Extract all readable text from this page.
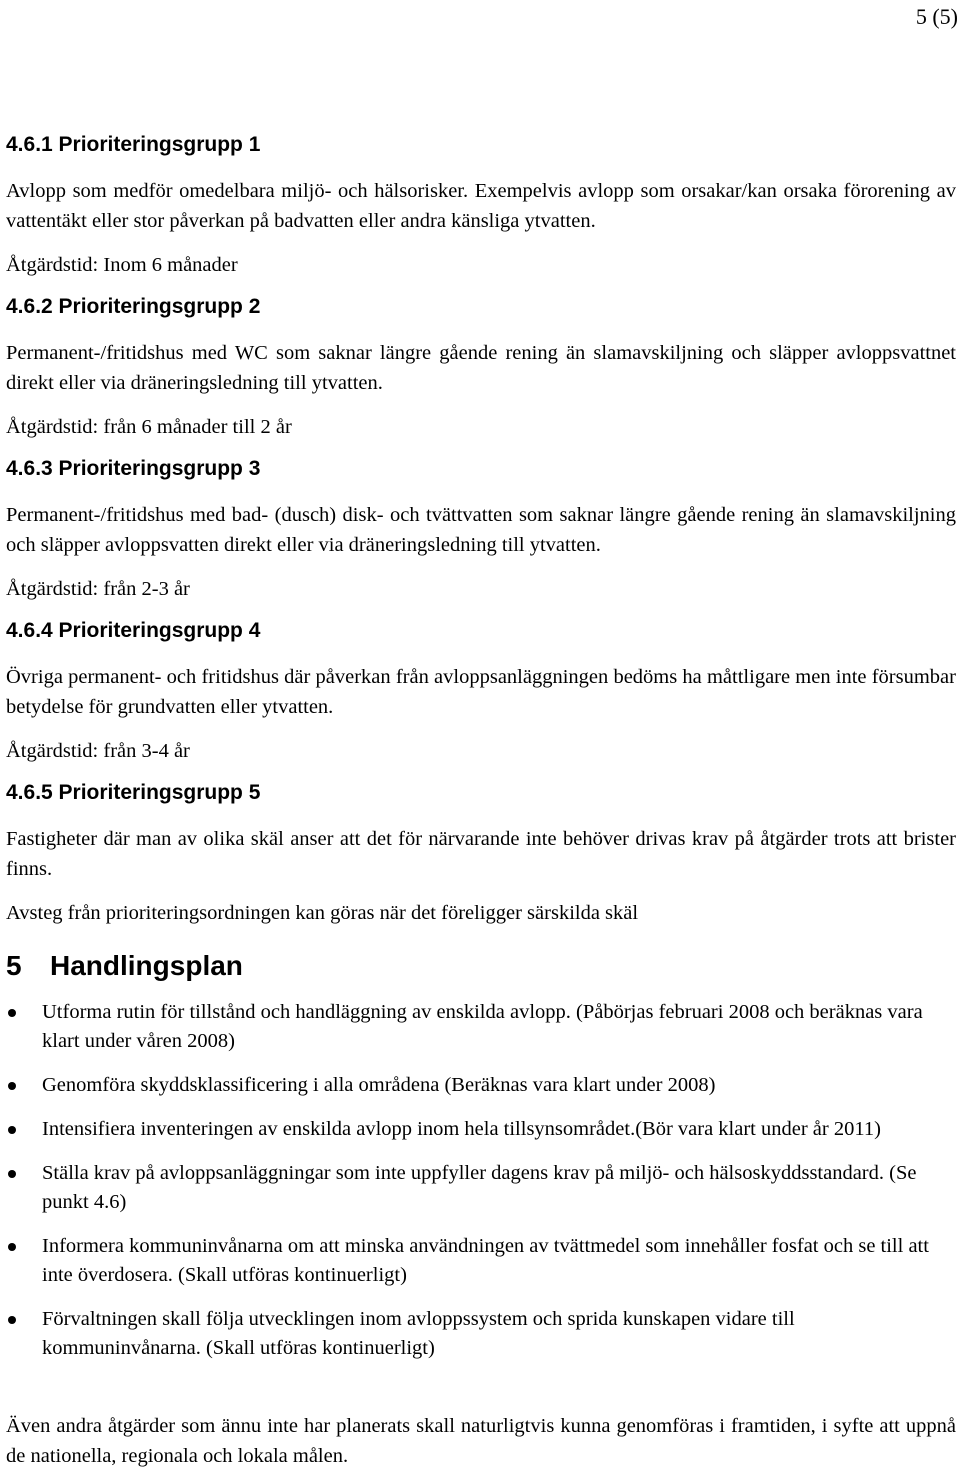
5 (5)
4.6.1 Prioriteringsgrupp 1

Avlopp som medför omedelbara miljö- och hälsorisker. Exempelvis avlopp som orsakar/kan orsaka förorening av vattentäkt eller stor påverkan på badvatten eller andra känsliga ytvatten.

Åtgärdstid: Inom 6 månader

4.6.2 Prioriteringsgrupp 2

Permanent-/fritidshus med WC som saknar längre gående rening än slamavskiljning och släpper avloppsvattnet direkt eller via dräneringsledning till ytvatten.

Åtgärdstid: från 6 månader till 2 år

4.6.3 Prioriteringsgrupp 3

Permanent-/fritidshus med bad- (dusch) disk- och tvättvatten som saknar längre gående rening än slamavskiljning och släpper avloppsvatten direkt eller via dräneringsledning till ytvatten.

Åtgärdstid: från 2-3 år

4.6.4 Prioriteringsgrupp 4

Övriga permanent- och fritidshus där påverkan från avloppsanläggningen bedöms ha måttligare men inte försumbar betydelse för grundvatten eller ytvatten.

Åtgärdstid: från 3-4 år

4.6.5 Prioriteringsgrupp 5

Fastigheter där man av olika skäl anser att det för närvarande inte behöver drivas krav på åtgärder trots att brister finns.

Avsteg från prioriteringsordningen kan göras när det föreligger särskilda skäl

5 Handlingsplan
Utforma rutin för tillstånd och handläggning av enskilda avlopp. (Påbörjas februari 2008 och beräknas vara klart under våren 2008)
Genomföra skyddsklassificering i alla områdena (Beräknas vara klart under 2008)
Intensifiera inventeringen av enskilda avlopp inom hela tillsynsområdet.(Bör vara klart under år 2011)
Ställa krav på avloppsanläggningar som inte uppfyller dagens krav på miljö- och hälsoskyddsstandard. (Se punkt 4.6)
Informera kommuninvånarna om att minska användningen av tvättmedel som innehåller fosfat och se till att inte överdosera. (Skall utföras kontinuerligt)
Förvaltningen skall följa utvecklingen inom avloppssystem och sprida kunskapen vidare till kommuninvånarna. (Skall utföras kontinuerligt)

Även andra åtgärder som ännu inte har planerats skall naturligtvis kunna genomföras i framtiden, i syfte att uppnå de nationella, regionala och lokala målen.
